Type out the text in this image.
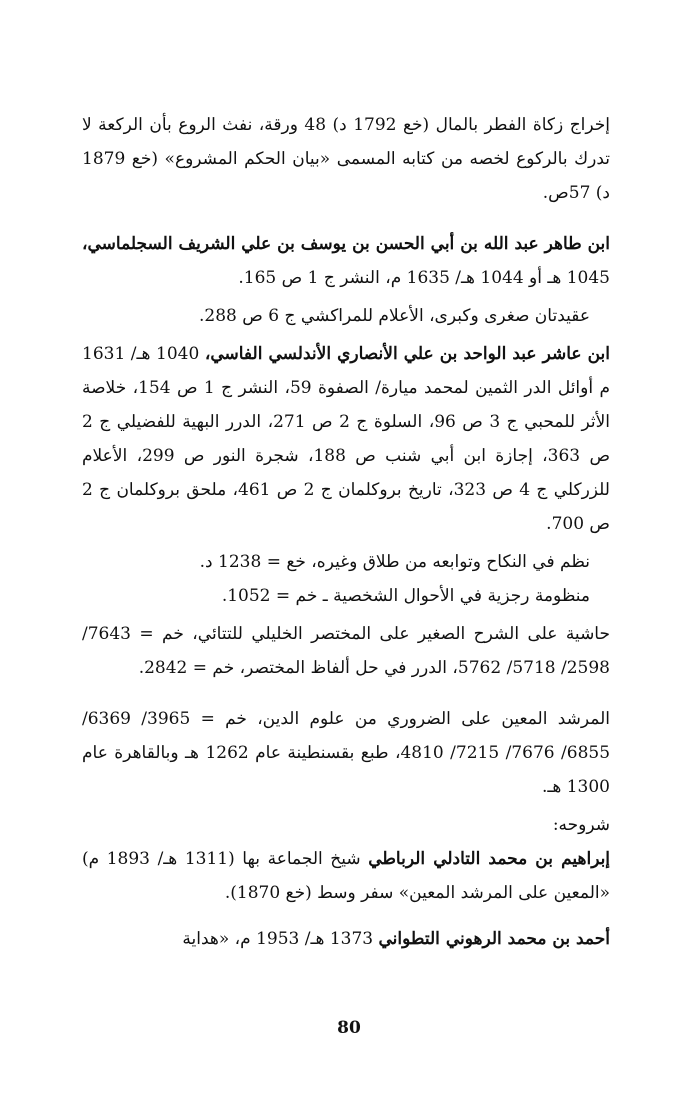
إخراج زكاة الفطر بالمال (خع 1792 د) 48 ورقة، نفث الروع بأن الركعة لا تدرك بالركوع لخصه من كتابه المسمى «بيان الحكم المشروع» (خع 1879 د) 57ص.

ابن طاهر عبد الله بن أبي الحسن بن يوسف بن علي الشريف السجلماسي، 1045 هـ أو 1044 هـ/ 1635 م، النشر ج 1 ص 165.

عقيدتان صغرى وكبرى، الأعلام للمراكشي ج 6 ص 288.

ابن عاشر عبد الواحد بن علي الأنصاري الأندلسي الفاسي، 1040 هـ/ 1631 م أوائل الدر الثمين لمحمد ميارة/ الصفوة 59، النشر ج 1 ص 154، خلاصة الأثر للمحبي ج 3 ص 96، السلوة ج 2 ص 271، الدرر البهية للفضيلي ج 2 ص 363، إجازة ابن أبي شنب ص 188، شجرة النور ص 299، الأعلام للزركلي ج 4 ص 323، تاريخ بروكلمان ج 2 ص 461، ملحق بروكلمان ج 2 ص 700.

نظم في النكاح وتوابعه من طلاق وغيره، خع = 1238 د.

منظومة رجزية في الأحوال الشخصية ـ خم = 1052.

حاشية على الشرح الصغير على المختصر الخليلي للتتائي، خم = 7643/ 2598/ 5718/ 5762، الدرر في حل ألفاظ المختصر، خم = 2842.

المرشد المعين على الضروري من علوم الدين، خم = 3965/ 6369/ 6855/ 7676/ 7215/ 4810، طبع بقسنطينة عام 1262 هـ وبالقاهرة عام 1300 هـ.

شروحه:

إبراهيم بن محمد التادلي الرباطي شيخ الجماعة بها (1311 هـ/ 1893 م) «المعين على المرشد المعين» سفر وسط (خع 1870).

أحمد بن محمد الرهوني التطواني 1373 هـ/ 1953 م، «هداية

80
